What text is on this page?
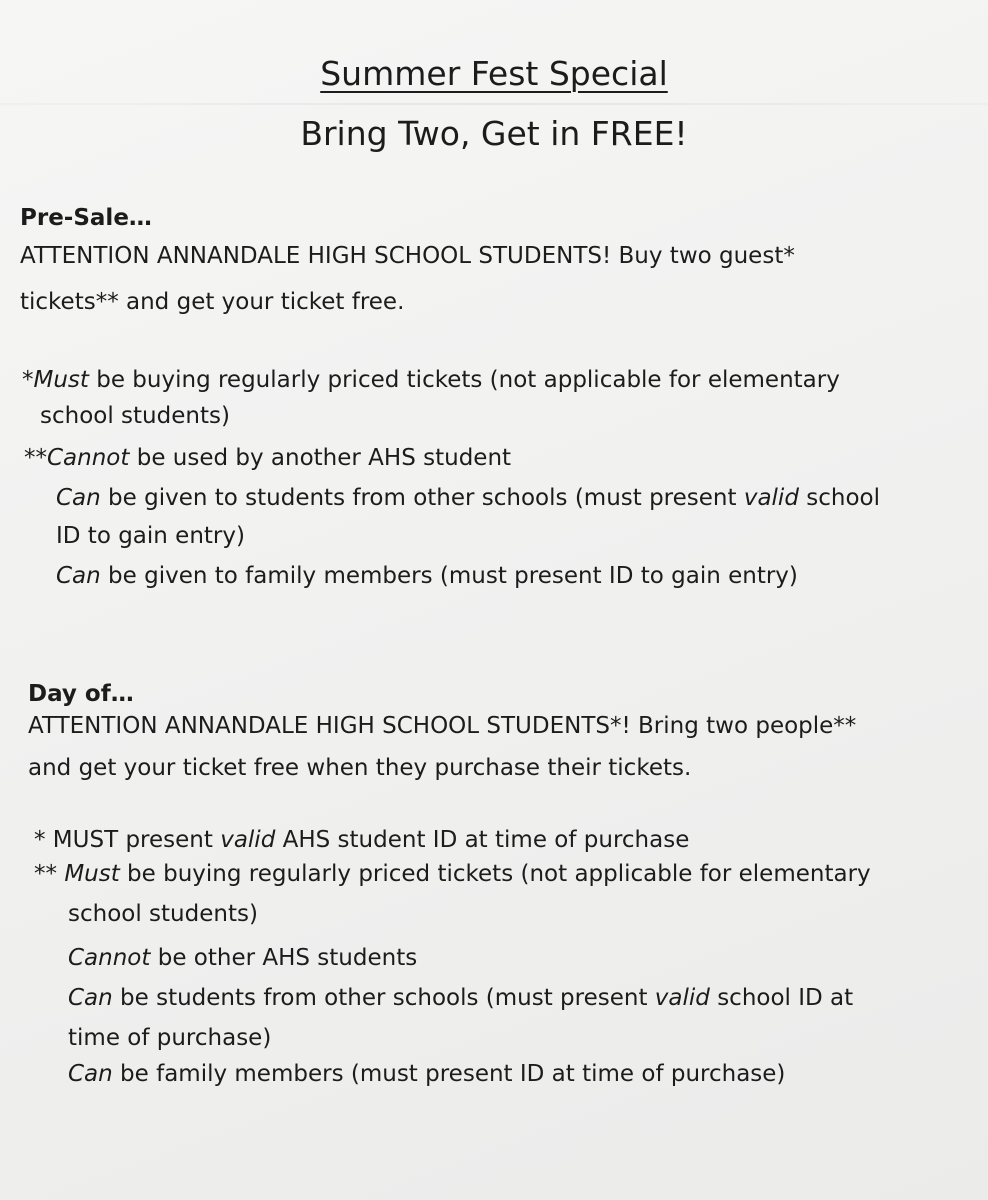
Summer Fest Special
Bring Two, Get in FREE!
Pre-Sale…
ATTENTION ANNANDALE HIGH SCHOOL STUDENTS! Buy two guest*
tickets** and get your ticket free.
*Must be buying regularly priced tickets (not applicable for elementary
school students)
**Cannot be used by another AHS student
Can be given to students from other schools (must present valid school
ID to gain entry)
Can be given to family members (must present ID to gain entry)
Day of…
ATTENTION ANNANDALE HIGH SCHOOL STUDENTS*! Bring two people**
and get your ticket free when they purchase their tickets.
* MUST present valid AHS student ID at time of purchase
** Must be buying regularly priced tickets (not applicable for elementary
school students)
Cannot be other AHS students
Can be students from other schools (must present valid school ID at
time of purchase)
Can be family members (must present ID at time of purchase)
